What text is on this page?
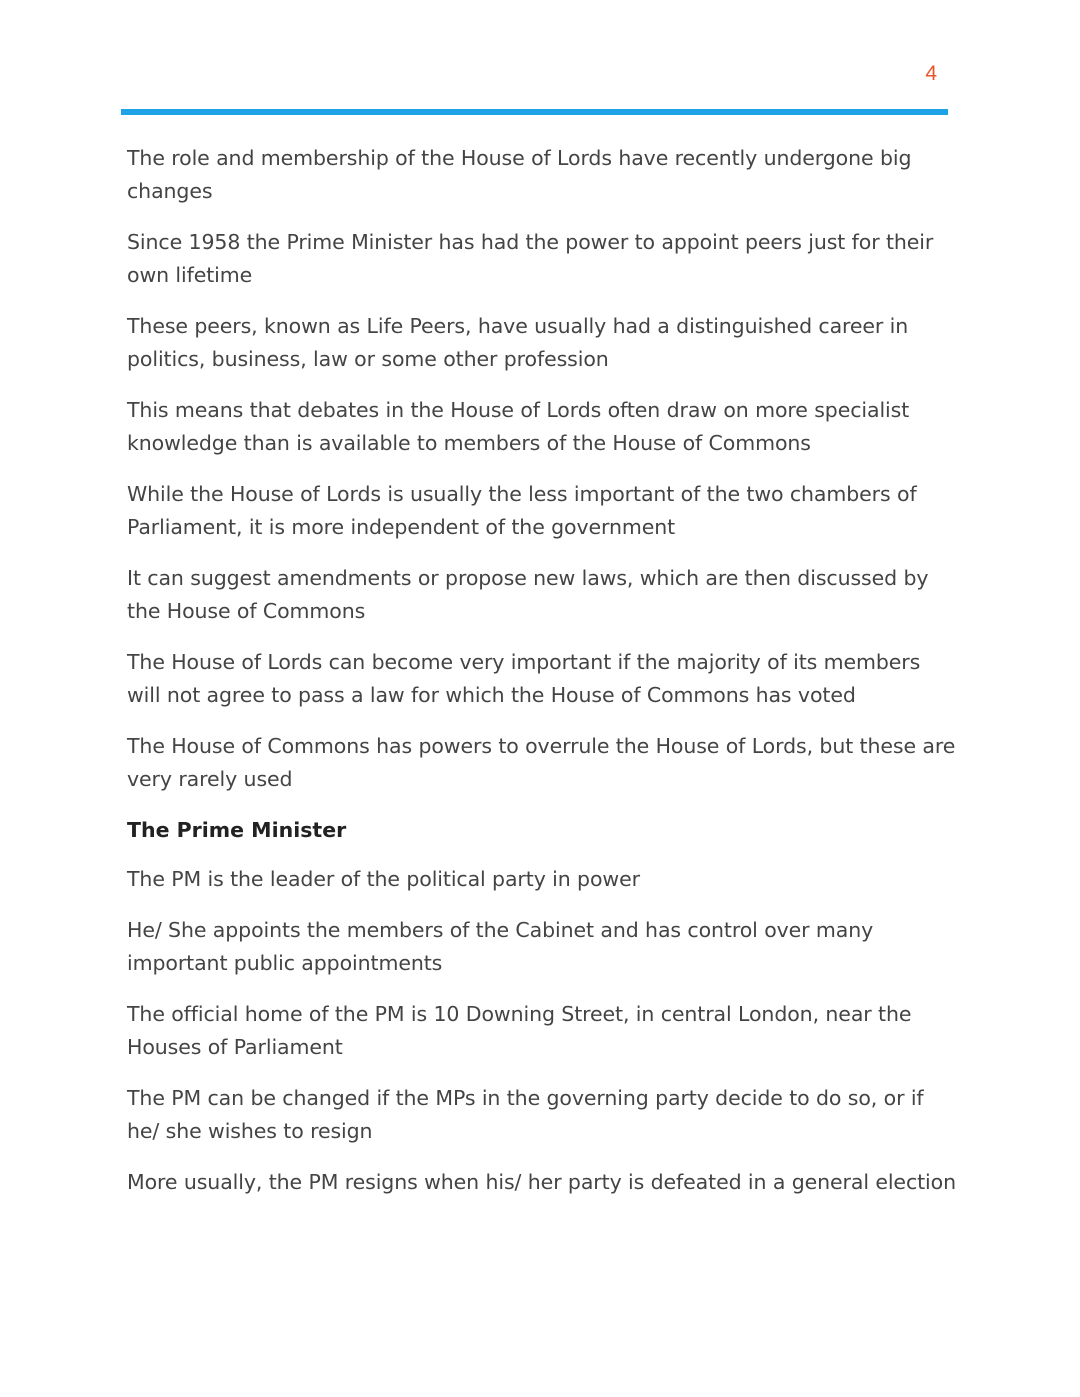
4

The role and membership of the House of Lords have recently undergone big changes

Since 1958 the Prime Minister has had the power to appoint peers just for their own lifetime

These peers, known as Life Peers, have usually had a distinguished career in politics, business, law or some other profession

This means that debates in the House of Lords often draw on more specialist knowledge than is available to members of the House of Commons

While the House of Lords is usually the less important of the two chambers of Parliament, it is more independent of the government

It can suggest amendments or propose new laws, which are then discussed by the House of Commons

The House of Lords can become very important if the majority of its members will not agree to pass a law for which the House of Commons has voted

The House of Commons has powers to overrule the House of Lords, but these are very rarely used

The Prime Minister

The PM is the leader of the political party in power

He/ She appoints the members of the Cabinet and has control over many important public appointments

The official home of the PM is 10 Downing Street, in central London, near the Houses of Parliament

The PM can be changed if the MPs in the governing party decide to do so, or if he/ she wishes to resign

More usually, the PM resigns when his/ her party is defeated in a general election
